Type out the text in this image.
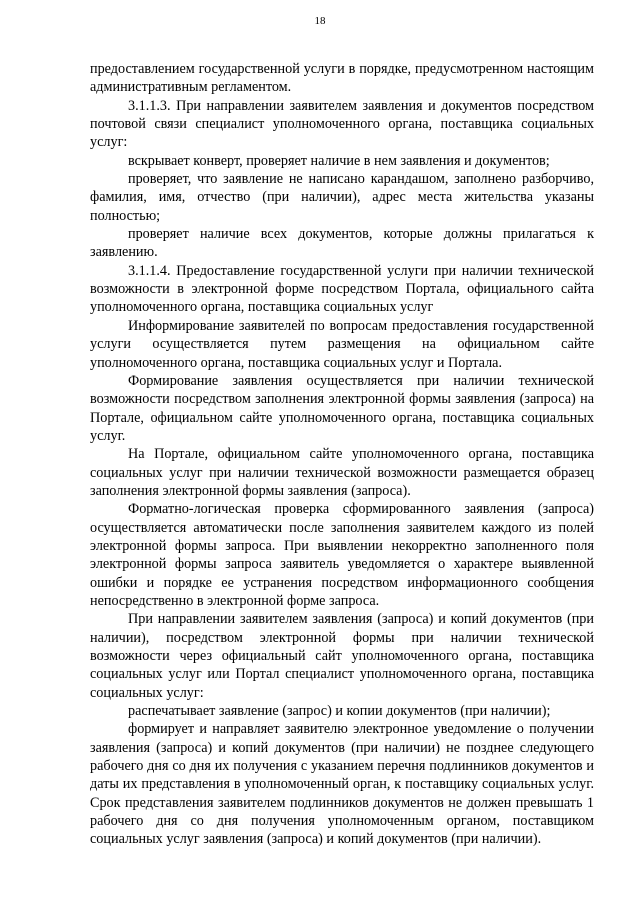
18

предоставлением государственной услуги в порядке, предусмотренном настоящим административным регламентом.

3.1.1.3. При направлении заявителем заявления и документов посредством почтовой связи специалист уполномоченного органа, поставщика социальных услуг:

вскрывает конверт, проверяет наличие в нем заявления и документов;

проверяет, что заявление не написано карандашом, заполнено разборчиво, фамилия, имя, отчество (при наличии), адрес места жительства указаны полностью;

проверяет наличие всех документов, которые должны прилагаться к заявлению.

3.1.1.4. Предоставление государственной услуги при наличии технической возможности в электронной форме посредством Портала, официального сайта уполномоченного органа, поставщика социальных услуг

Информирование заявителей по вопросам предоставления государственной услуги осуществляется путем размещения на официальном сайте уполномоченного органа, поставщика социальных услуг и Портала.

Формирование заявления осуществляется при наличии технической возможности посредством заполнения электронной формы заявления (запроса) на Портале, официальном сайте уполномоченного органа, поставщика социальных услуг.

На Портале, официальном сайте уполномоченного органа, поставщика социальных услуг при наличии технической возможности размещается образец заполнения электронной формы заявления (запроса).

Форматно-логическая проверка сформированного заявления (запроса) осуществляется автоматически после заполнения заявителем каждого из полей электронной формы запроса. При выявлении некорректно заполненного поля электронной формы запроса заявитель уведомляется о характере выявленной ошибки и порядке ее устранения посредством информационного сообщения непосредственно в электронной форме запроса.

При направлении заявителем заявления (запроса) и копий документов (при наличии), посредством электронной формы при наличии технической возможности через официальный сайт уполномоченного органа, поставщика социальных услуг или Портал специалист уполномоченного органа, поставщика социальных услуг:

распечатывает заявление (запрос) и копии документов (при наличии);

формирует и направляет заявителю электронное уведомление о получении заявления (запроса) и копий документов (при наличии) не позднее следующего рабочего дня со дня их получения с указанием перечня подлинников документов и даты их представления в уполномоченный орган, к поставщику социальных услуг. Срок представления заявителем подлинников документов не должен превышать 1 рабочего дня со дня получения уполномоченным органом, поставщиком социальных услуг заявления (запроса) и копий документов (при наличии).
